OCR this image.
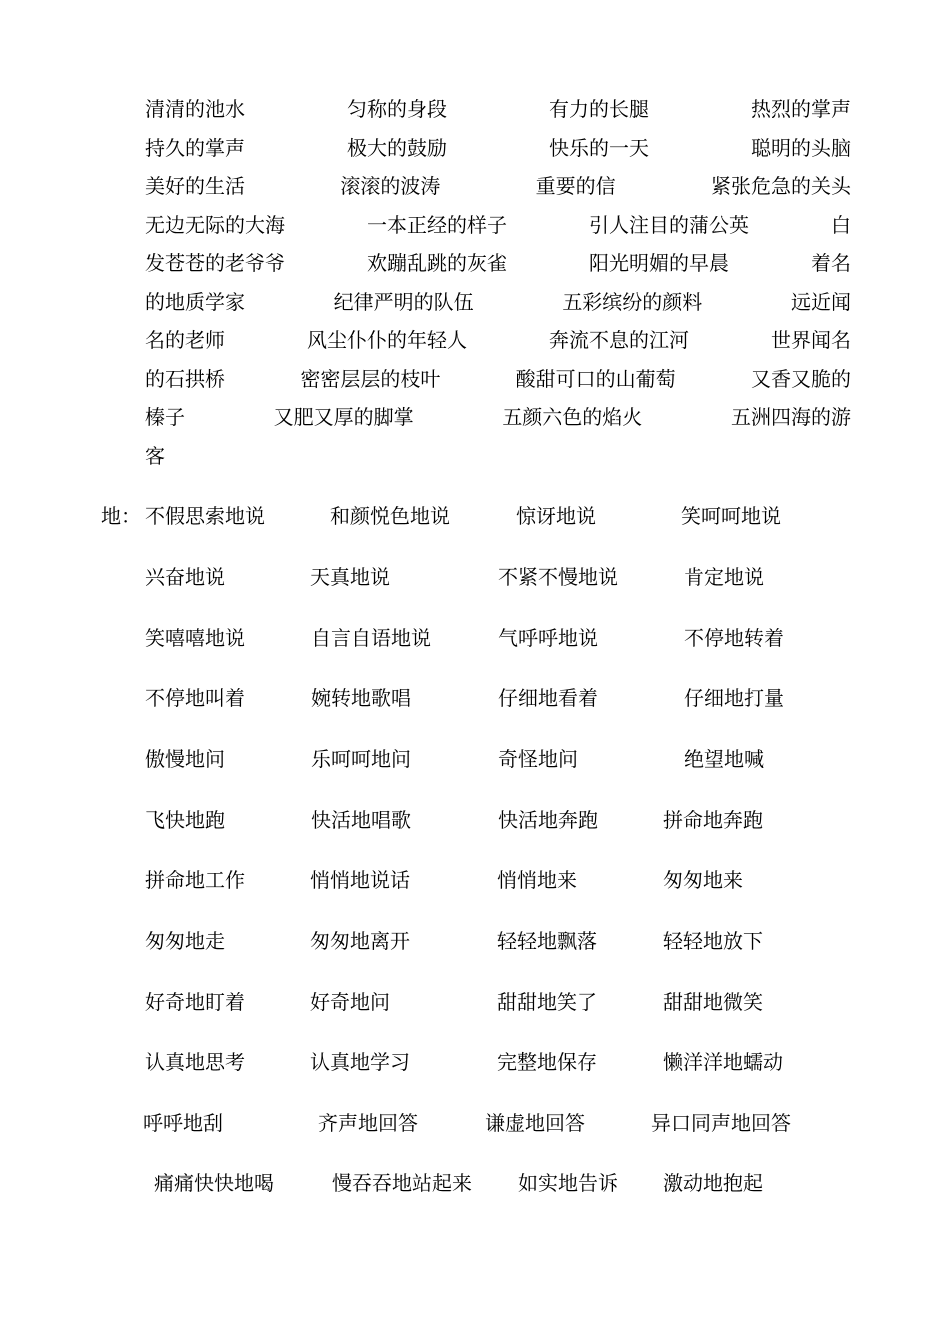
清清的池水	匀称的身段	有力的长腿	热烈的掌声
持久的掌声	极大的鼓励	快乐的一天	聪明的头脑
美好的生活	滚滚的波涛	重要的信	紧张危急的关头
无边无际的大海	一本正经的样子	引人注目的蒲公英	白
发苍苍的老爷爷	欢蹦乱跳的灰雀	阳光明媚的早晨	着名
的地质学家	纪律严明的队伍	五彩缤纷的颜料	远近闻
名的老师	风尘仆仆的年轻人	奔流不息的江河	世界闻名
的石拱桥	密密层层的枝叶	酸甜可口的山葡萄	又香又脆的
榛子	又肥又厚的脚掌	五颜六色的焰火	五洲四海的游
客
地： 不假思索地说	和颜悦色地说	惊讶地说	笑呵呵地说
兴奋地说	天真地说	不紧不慢地说	肯定地说
笑嘻嘻地说	自言自语地说	气呼呼地说	不停地转着
不停地叫着	婉转地歌唱	仔细地看着	仔细地打量
傲慢地问	乐呵呵地问	奇怪地问	绝望地喊
飞快地跑	快活地唱歌	快活地奔跑	拼命地奔跑
拼命地工作	悄悄地说话	悄悄地来	匆匆地来
匆匆地走	匆匆地离开	轻轻地飘落	轻轻地放下
好奇地盯着	好奇地问	甜甜地笑了	甜甜地微笑
认真地思考	认真地学习	完整地保存	懒洋洋地蠕动
呼呼地刮	齐声地回答	谦虚地回答	异口同声地回答
痛痛快快地喝	慢吞吞地站起来 如实地告诉 激动地抱起
